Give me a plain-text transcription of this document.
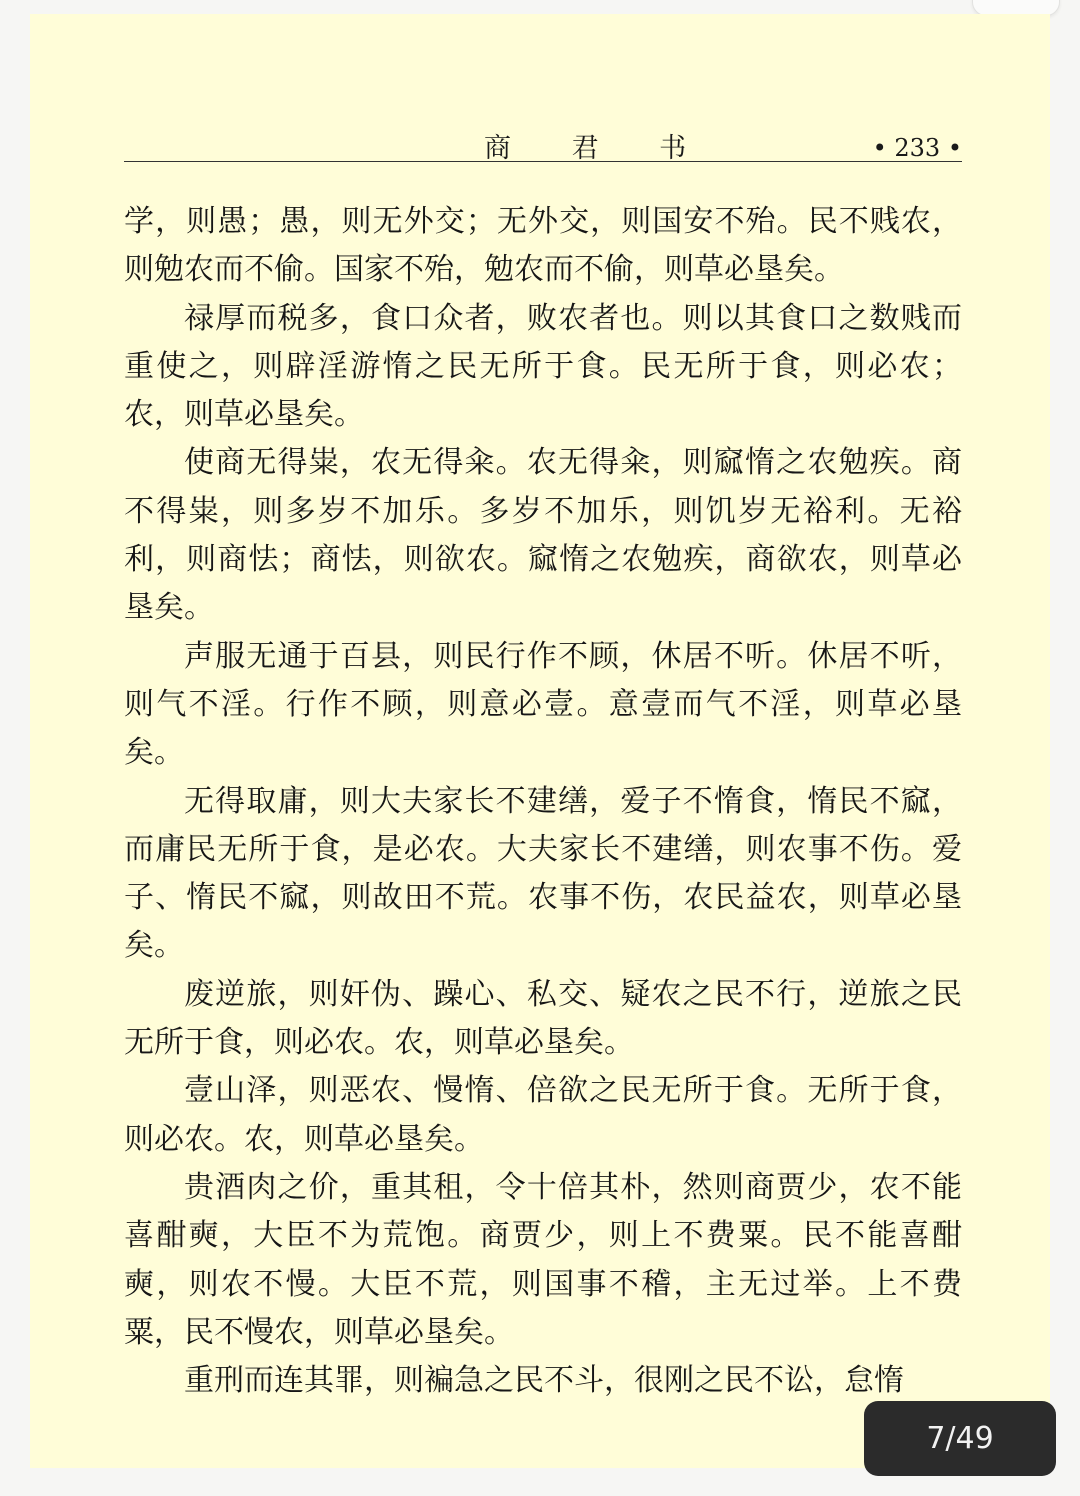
商 君 书	• 233 •

学，则愚；愚，则无外交；无外交，则国安不殆。民不贱农，则勉农而不偷。国家不殆，勉农而不偷，则草必垦矣。

禄厚而税多，食口众者，败农者也。则以其食口之数贱而重使之，则辟淫游惰之民无所于食。民无所于食，则必农；农，则草必垦矣。

使商无得粜，农无得籴。农无得籴，则窳惰之农勉疾。商不得粜，则多岁不加乐。多岁不加乐，则饥岁无裕利。无裕利，则商怯；商怯，则欲农。窳惰之农勉疾，商欲农，则草必垦矣。

声服无通于百县，则民行作不顾，休居不听。休居不听，则气不淫。行作不顾，则意必壹。意壹而气不淫，则草必垦矣。

无得取庸，则大夫家长不建缮，爱子不惰食，惰民不窳，而庸民无所于食，是必农。大夫家长不建缮，则农事不伤。爱子、惰民不窳，则故田不荒。农事不伤，农民益农，则草必垦矣。

废逆旅，则奸伪、躁心、私交、疑农之民不行，逆旅之民无所于食，则必农。农，则草必垦矣。

壹山泽，则恶农、慢惰、倍欲之民无所于食。无所于食，则必农。农，则草必垦矣。

贵酒肉之价，重其租，令十倍其朴，然则商贾少，农不能喜酣奭，大臣不为荒饱。商贾少，则上不费粟。民不能喜酣奭，则农不慢。大臣不荒，则国事不稽，主无过举。上不费粟，民不慢农，则草必垦矣。

重刑而连其罪，则褊急之民不斗，很刚之民不讼，怠惰

7/49
